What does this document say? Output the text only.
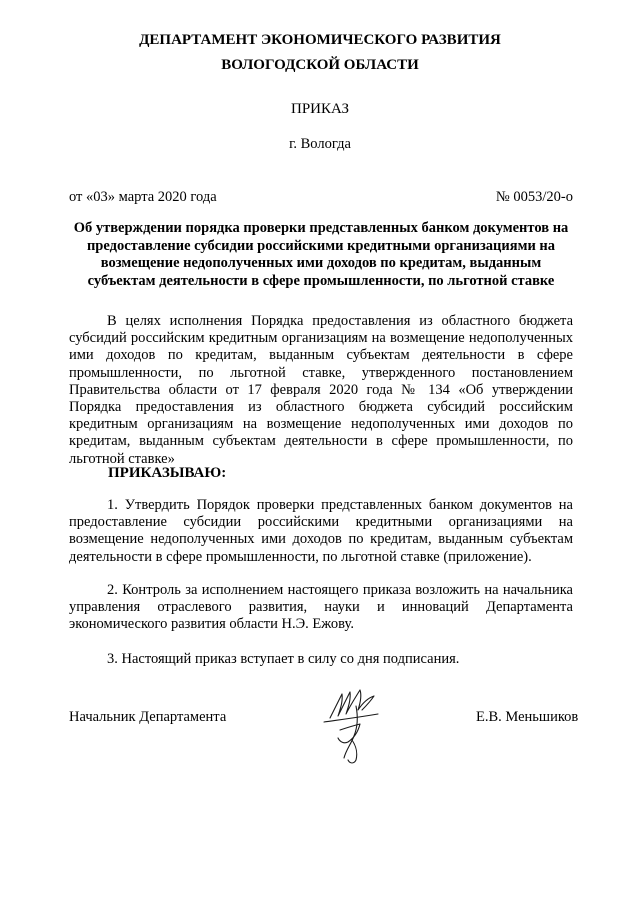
ДЕПАРТАМЕНТ ЭКОНОМИЧЕСКОГО РАЗВИТИЯ
ВОЛОГОДСКОЙ ОБЛАСТИ
ПРИКАЗ
г. Вологда
от «03» марта 2020 года	№ 0053/20-о
Об утверждении порядка проверки представленных банком документов на предоставление субсидии российскими кредитными организациями на возмещение недополученных ими доходов по кредитам, выданным субъектам деятельности в сфере промышленности, по льготной ставке
В целях исполнения Порядка предоставления из областного бюджета субсидий российским кредитным организациям на возмещение недополученных ими доходов по кредитам, выданным субъектам деятельности в сфере промышленности, по льготной ставке, утвержденного постановлением Правительства области от 17 февраля 2020 года № 134 «Об утверждении Порядка предоставления из областного бюджета субсидий российским кредитным организациям на возмещение недополученных ими доходов по кредитам, выданным субъектам деятельности в сфере промышленности, по льготной ставке»
ПРИКАЗЫВАЮ:
1. Утвердить Порядок проверки представленных банком документов на предоставление субсидии российскими кредитными организациями на возмещение недополученных ими доходов по кредитам, выданным субъектам деятельности в сфере промышленности, по льготной ставке (приложение).
2. Контроль за исполнением настоящего приказа возложить на начальника управления отраслевого развития, науки и инноваций Департамента экономического развития области Н.Э. Ежову.
3. Настоящий приказ вступает в силу со дня подписания.
Начальник Департамента	Е.В. Меньшиков
